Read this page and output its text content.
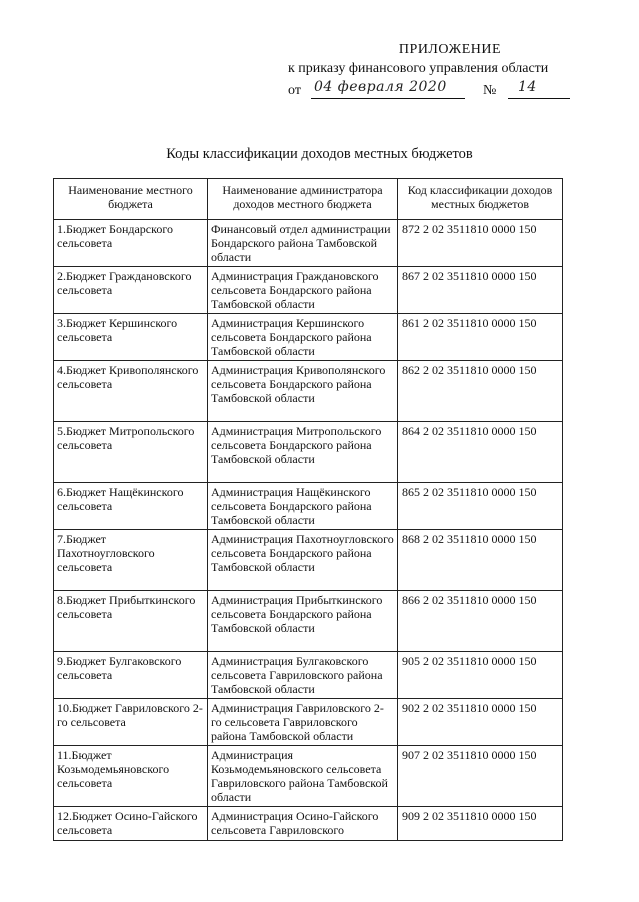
ПРИЛОЖЕНИЕ
к приказу финансового управления области
от 04 февраля 2020	№ 14
Коды классификации доходов местных бюджетов
Наименование местного бюджета	Наименование администратора доходов местного бюджета	Код классификации доходов местных бюджетов
1.Бюджет Бондарского сельсовета	Финансовый отдел администрации Бондарского района Тамбовской области	872 2 02 3511810 0000 150
2.Бюджет Граждановского сельсовета	Администрация Граждановского сельсовета Бондарского района Тамбовской области	867 2 02 3511810 0000 150
3.Бюджет Кершинского сельсовета	Администрация Кершинского сельсовета Бондарского района Тамбовской области	861 2 02 3511810 0000 150
4.Бюджет Кривополянского сельсовета	Администрация Кривополянского сельсовета Бондарского района Тамбовской области	862 2 02 3511810 0000 150
5.Бюджет Митропольского сельсовета	Администрация Митропольского сельсовета Бондарского района Тамбовской области	864 2 02 3511810 0000 150
6.Бюджет Нащёкинского сельсовета	Администрация Нащёкинского сельсовета Бондарского района Тамбовской области	865 2 02 3511810 0000 150
7.Бюджет Пахотноугловского сельсовета	Администрация Пахотноугловского сельсовета Бондарского района Тамбовской области	868 2 02 3511810 0000 150
8.Бюджет Прибыткинского сельсовета	Администрация Прибыткинского сельсовета Бондарского района Тамбовской области	866 2 02 3511810 0000 150
9.Бюджет Булгаковского сельсовета	Администрация Булгаковского сельсовета Гавриловского района Тамбовской области	905 2 02 3511810 0000 150
10.Бюджет Гавриловского 2-го сельсовета	Администрация Гавриловского 2-го сельсовета Гавриловского района Тамбовской области	902 2 02 3511810 0000 150
11.Бюджет Козьмодемьяновского сельсовета	Администрация Козьмодемьяновского сельсовета Гавриловского района Тамбовской области	907 2 02 3511810 0000 150
12.Бюджет Осино-Гайского сельсовета	Администрация Осино-Гайского сельсовета Гавриловского	909 2 02 3511810 0000 150
